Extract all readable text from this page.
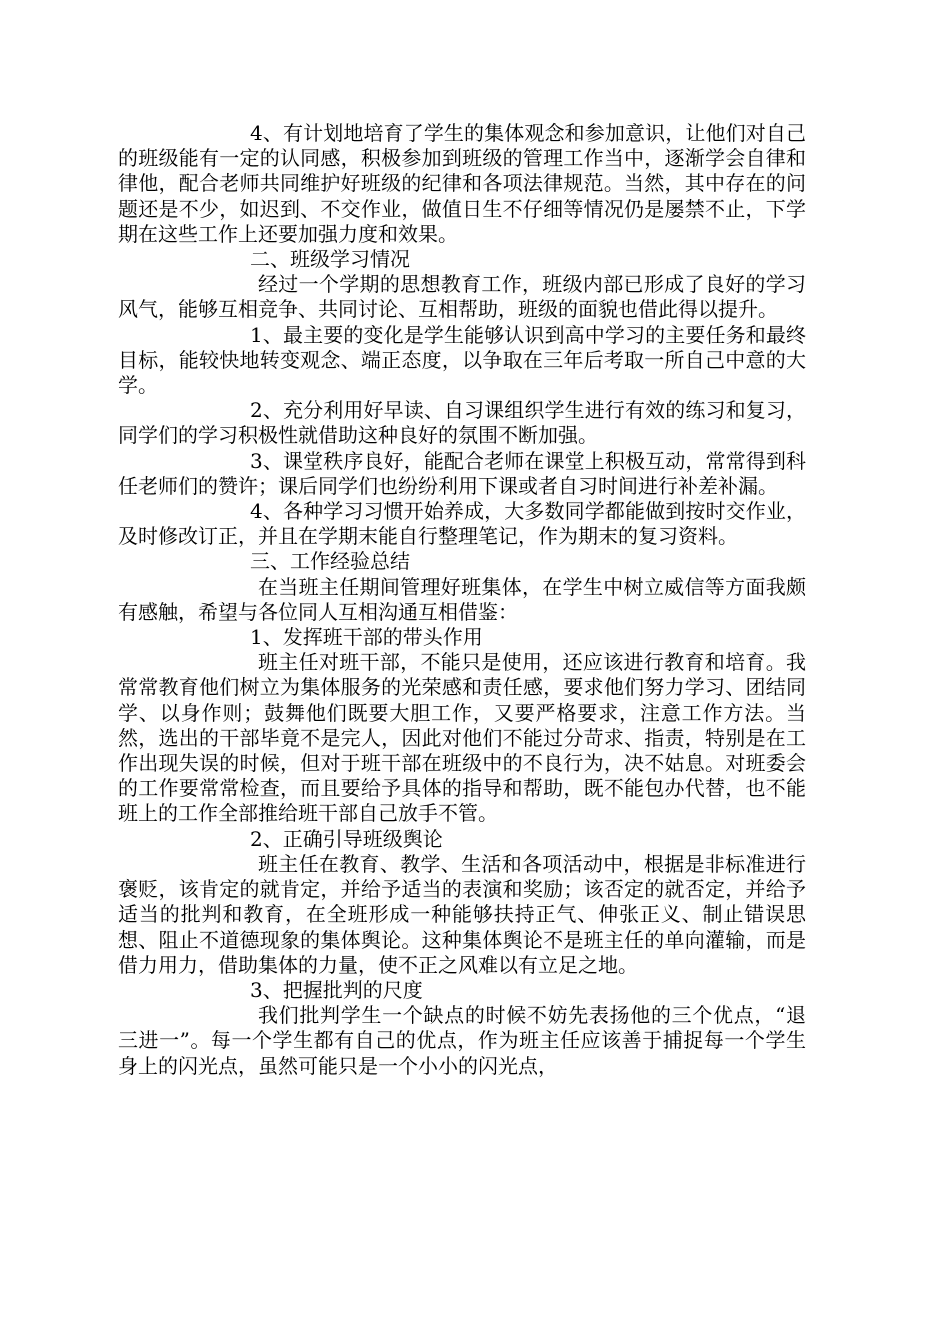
4、有计划地培育了学生的集体观念和参加意识，让他们对自己的班级能有一定的认同感，积极参加到班级的管理工作当中，逐渐学会自律和律他，配合老师共同维护好班级的纪律和各项法律规范。当然，其中存在的问题还是不少，如迟到、不交作业，做值日生不仔细等情况仍是屡禁不止，下学期在这些工作上还要加强力度和效果。

二、班级学习情况

经过一个学期的思想教育工作，班级内部已形成了良好的学习风气，能够互相竞争、共同讨论、互相帮助，班级的面貌也借此得以提升。

1、最主要的变化是学生能够认识到高中学习的主要任务和最终目标，能较快地转变观念、端正态度，以争取在三年后考取一所自己中意的大学。

2、充分利用好早读、自习课组织学生进行有效的练习和复习，同学们的学习积极性就借助这种良好的氛围不断加强。

3、课堂秩序良好，能配合老师在课堂上积极互动，常常得到科任老师们的赞许；课后同学们也纷纷利用下课或者自习时间进行补差补漏。

4、各种学习习惯开始养成，大多数同学都能做到按时交作业，及时修改订正，并且在学期末能自行整理笔记，作为期末的复习资料。

三、工作经验总结

在当班主任期间管理好班集体，在学生中树立威信等方面我颇有感触，希望与各位同人互相沟通互相借鉴：

1、发挥班干部的带头作用

班主任对班干部，不能只是使用，还应该进行教育和培育。我常常教育他们树立为集体服务的光荣感和责任感，要求他们努力学习、团结同学、以身作则；鼓舞他们既要大胆工作，又要严格要求，注意工作方法。当然，选出的干部毕竟不是完人，因此对他们不能过分苛求、指责，特别是在工作出现失误的时候，但对于班干部在班级中的不良行为，决不姑息。对班委会的工作要常常检查，而且要给予具体的指导和帮助，既不能包办代替，也不能班上的工作全部推给班干部自己放手不管。

2、正确引导班级舆论

班主任在教育、教学、生活和各项活动中，根据是非标准进行褒贬，该肯定的就肯定，并给予适当的表演和奖励；该否定的就否定，并给予适当的批判和教育，在全班形成一种能够扶持正气、伸张正义、制止错误思想、阻止不道德现象的集体舆论。这种集体舆论不是班主任的单向灌输，而是借力用力，借助集体的力量，使不正之风难以有立足之地。

3、把握批判的尺度

我们批判学生一个缺点的时候不妨先表扬他的三个优点，“退三进一”。每一个学生都有自己的优点，作为班主任应该善于捕捉每一个学生身上的闪光点，虽然可能只是一个小小的闪光点，
